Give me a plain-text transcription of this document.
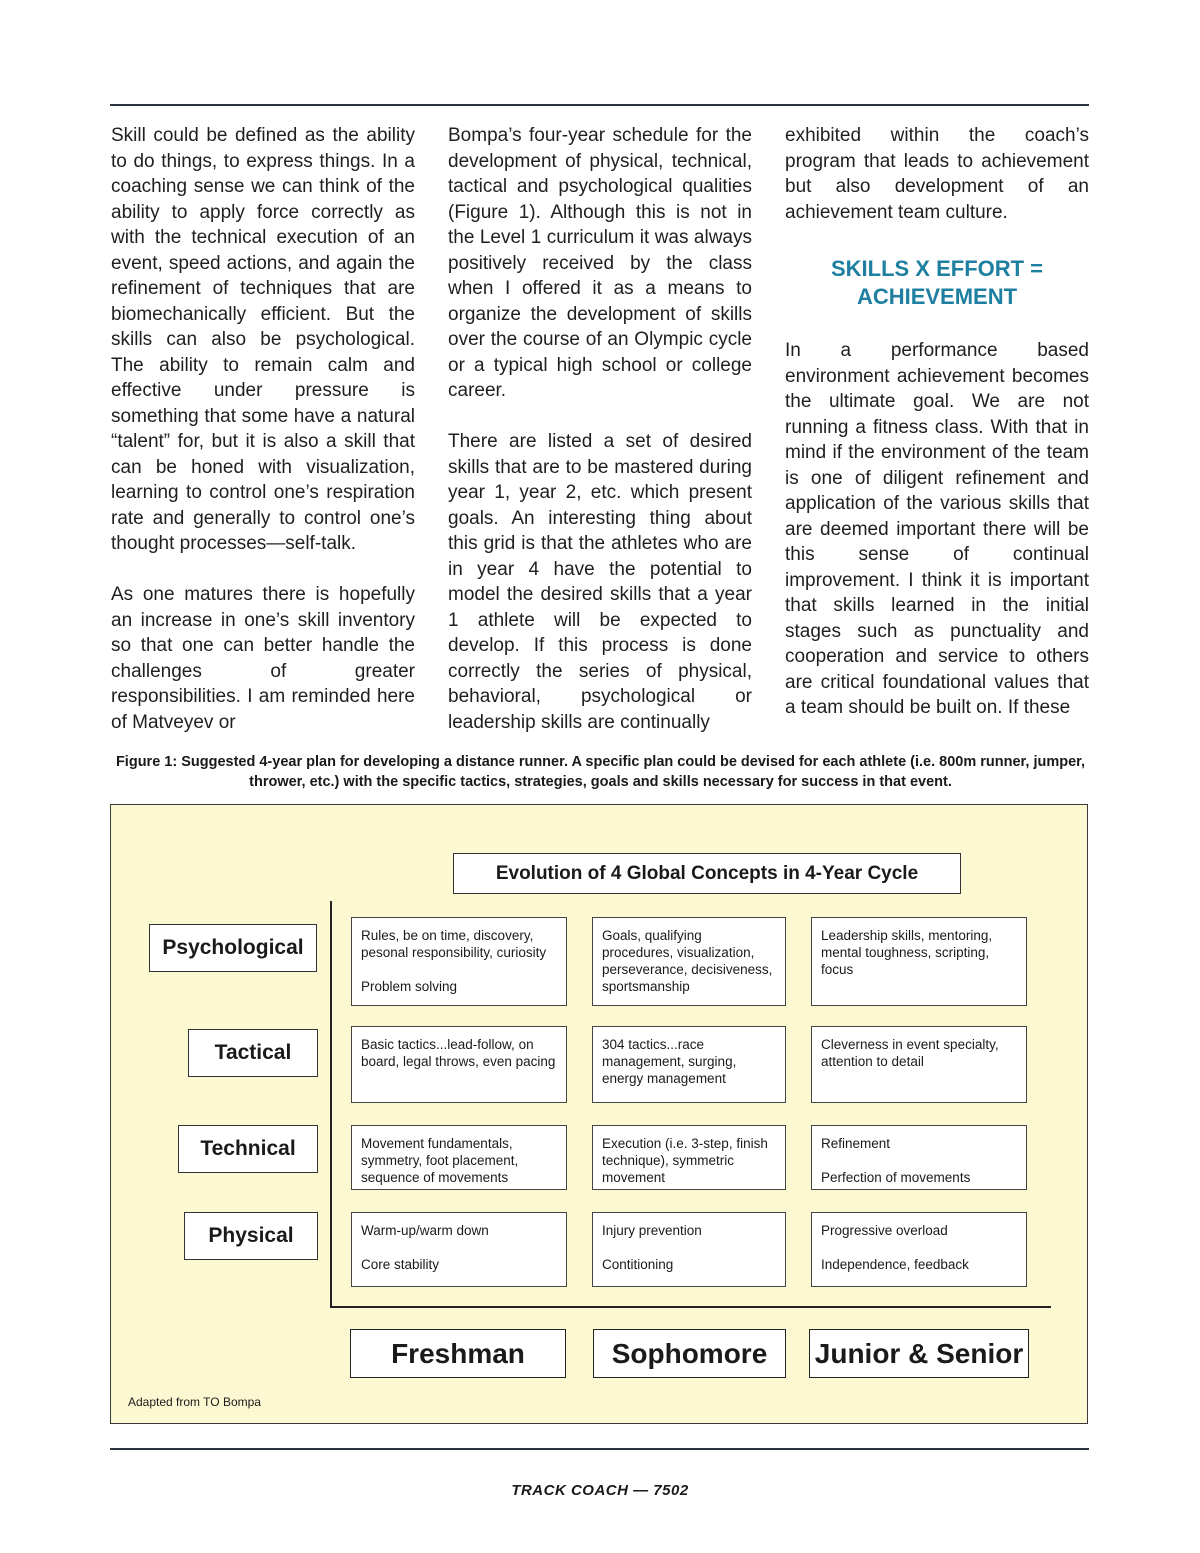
Skill could be defined as the ability to do things, to express things. In a coaching sense we can think of the ability to apply force correctly as with the technical execution of an event, speed actions, and again the refinement of techniques that are biomechanically efficient. But the skills can also be psychological. The ability to remain calm and effective under pressure is something that some have a natural “talent” for, but it is also a skill that can be honed with visualization, learning to control one’s respiration rate and generally to control one’s thought processes—self-talk.

As one matures there is hopefully an increase in one’s skill inventory so that one can better handle the challenges of greater responsibilities. I am reminded here of Matveyev or

Bompa’s four-year schedule for the development of physical, technical, tactical and psychological qualities (Figure 1). Although this is not in the Level 1 curriculum it was always positively received by the class when I offered it as a means to organize the development of skills over the course of an Olympic cycle or a typical high school or college career.

There are listed a set of desired skills that are to be mastered during year 1, year 2, etc. which present goals. An interesting thing about this grid is that the athletes who are in year 4 have the potential to model the desired skills that a year 1 athlete will be expected to develop. If this process is done correctly the series of physical, behavioral, psychological or leadership skills are continually

exhibited within the coach’s program that leads to achievement but also development of an achievement team culture.

SKILLS X EFFORT = ACHIEVEMENT

In a performance based environment achievement becomes the ultimate goal. We are not running a fitness class. With that in mind if the environment of the team is one of diligent refinement and application of the various skills that are deemed important there will be this sense of continual improvement. I think it is important that skills learned in the initial stages such as punctuality and cooperation and service to others are critical foundational values that a team should be built on. If these

Figure 1: Suggested 4-year plan for developing a distance runner. A specific plan could be devised for each athlete (i.e. 800m runner, jumper, thrower, etc.) with the specific tactics, strategies, goals and skills necessary for success in that event.

Evolution of 4 Global Concepts in 4-Year Cycle
Psychological
Tactical
Technical
Physical
Rules, be on time, discovery, pesonal responsibility, curiosity
Problem solving
Goals, qualifying procedures, visualization, perseverance, decisiveness, sportsmanship
Leadership skills, mentoring, mental toughness, scripting, focus
Basic tactics...lead-follow, on board, legal throws, even pacing
304 tactics...race management, surging, energy management
Cleverness in event specialty, attention to detail
Movement fundamentals, symmetry, foot placement, sequence of movements
Execution (i.e. 3-step, finish technique), symmetric movement
Refinement
Perfection of movements
Warm-up/warm down
Core stability
Injury prevention
Contitioning
Progressive overload
Independence, feedback
Freshman	Sophomore	Junior & Senior
Adapted from TO Bompa
TRACK COACH — 7502
